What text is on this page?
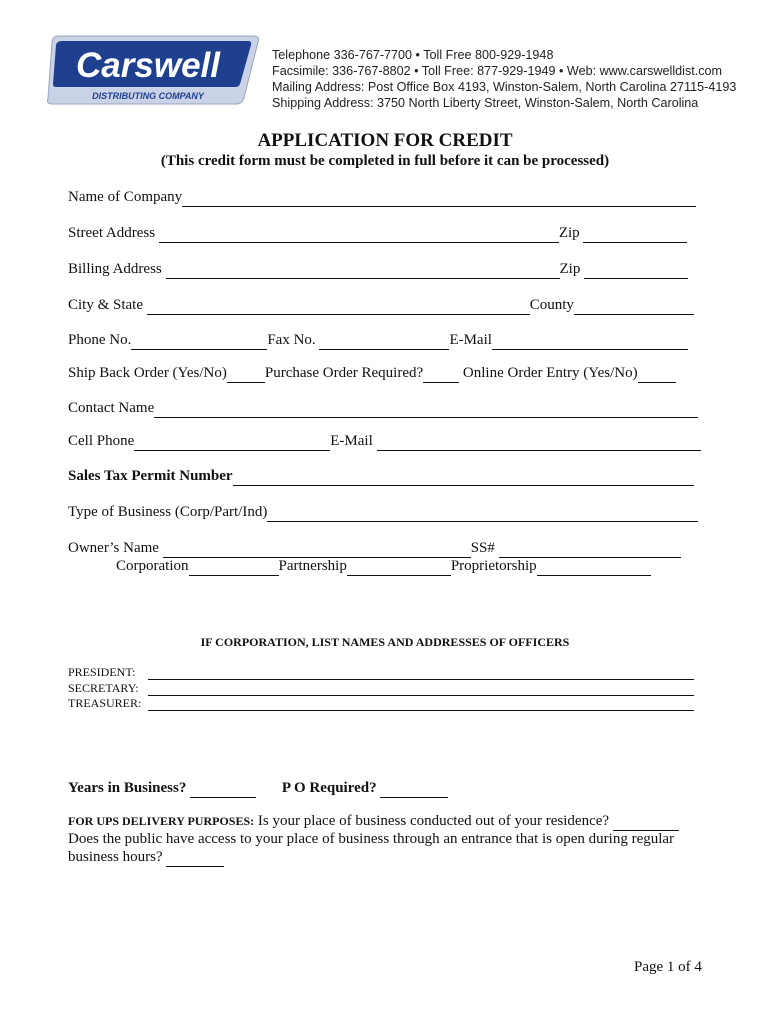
Carswell
DISTRIBUTING COMPANY
Telephone 336-767-7700 • Toll Free 800-929-1948
Facsimile: 336-767-8802 • Toll Free: 877-929-1949 • Web: www.carswelldist.com
Mailing Address: Post Office Box 4193, Winston-Salem, North Carolina 27115-4193
Shipping Address: 3750 North Liberty Street, Winston-Salem, North Carolina
APPLICATION FOR CREDIT
(This credit form must be completed in full before it can be processed)
Name of Company
Street Address	Zip
Billing Address	Zip
City & State	County
Phone No.	Fax No.	E-Mail
Ship Back Order (Yes/No)	Purchase Order Required?	Online Order Entry (Yes/No)
Contact Name
Cell Phone	E-Mail
Sales Tax Permit Number
Type of Business (Corp/Part/Ind)
Owner’s Name	SS#
Corporation	Partnership	Proprietorship
IF CORPORATION, LIST NAMES AND ADDRESSES OF OFFICERS
PRESIDENT:
SECRETARY:
TREASURER:
Years in Business?	P O Required?
FOR UPS DELIVERY PURPOSES: Is your place of business conducted out of your residence?
Does the public have access to your place of business through an entrance that is open during regular
business hours?
Page 1 of 4
